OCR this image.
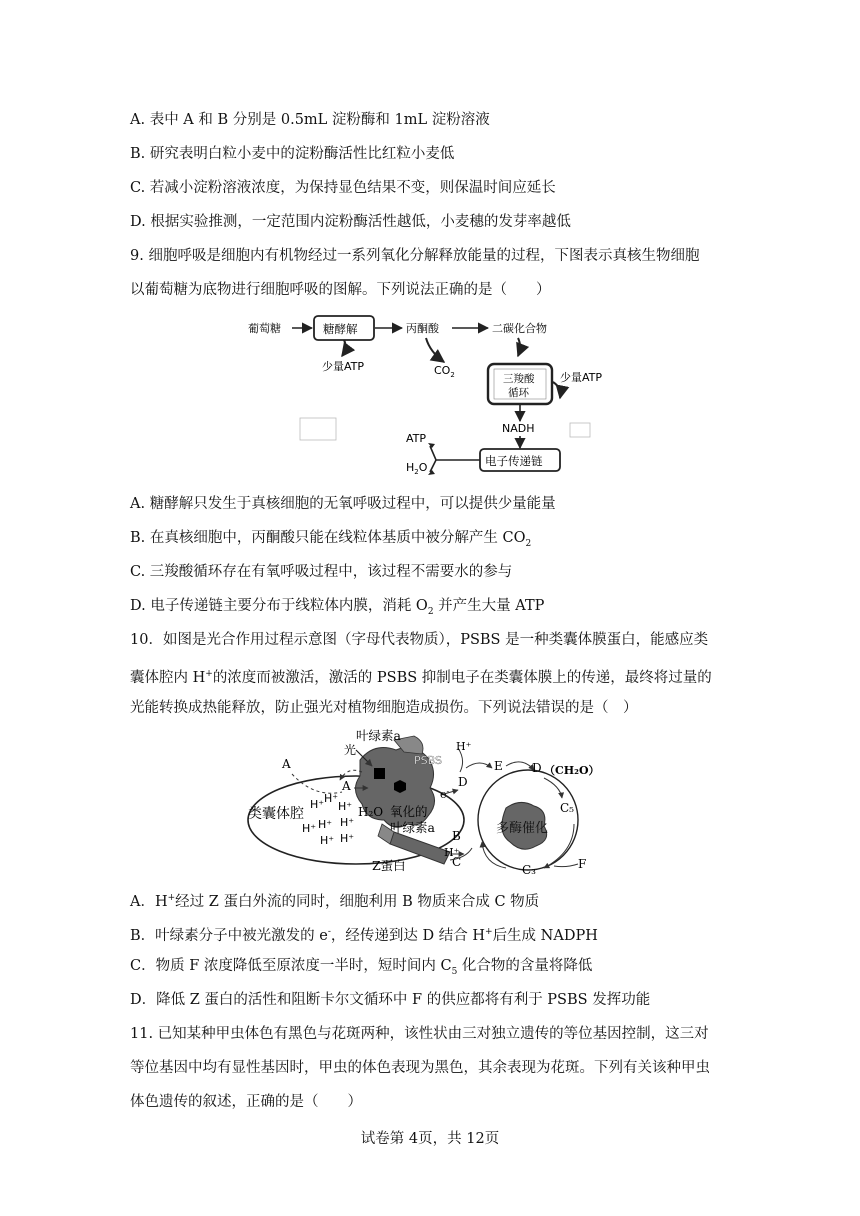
A. 表中 A 和 B 分别是 0.5mL 淀粉酶和 1mL 淀粉溶液
B. 研究表明白粒小麦中的淀粉酶活性比红粒小麦低
C. 若减小淀粉溶液浓度，为保持显色结果不变，则保温时间应延长
D. 根据实验推测，一定范围内淀粉酶活性越低，小麦穗的发芽率越低
9. 细胞呼吸是细胞内有机物经过一系列氧化分解释放能量的过程，下图表示真核生物细胞
以葡萄糖为底物进行细胞呼吸的图解。下列说法正确的是（　　）
葡萄糖	糖酵解	丙酮酸	二碳化合物
少量ATP	$CO_2$	三羧酸
循环
少量ATP
NADH
电子传递链
ATP
$H_2O$
A. 糖酵解只发生于真核细胞的无氧呼吸过程中，可以提供少量能量
B. 在真核细胞中，丙酮酸只能在线粒体基质中被分解产生 $CO_2$
C. 三羧酸循环存在有氧呼吸过程中，该过程不需要水的参与
D. 电子传递链主要分布于线粒体内膜，消耗 $O_2$ 并产生大量 ATP
10．如图是光合作用过程示意图（字母代表物质），PSBS 是一种类囊体膜蛋白，能感应类
囊体腔内 H+的浓度而被激活，激活的 PSBS 抑制电子在类囊体膜上的传递，最终将过量的
光能转换成热能释放，防止强光对植物细胞造成损伤。下列说法错误的是（　）
光
叶绿素a
PSBS
A
A
类囊体腔
H⁺ H⁺
H⁺
H⁺ H⁺ H⁺
H⁺
H⁺
H₂O 氧化的
叶绿素a
e-
D
H⁺
E D （CH₂O）
C₅
多酶催化
Z蛋白
B
C
H⁺
C₃	F
A．H+经过 Z 蛋白外流的同时，细胞利用 B 物质来合成 C 物质
B．叶绿素分子中被光激发的 e-，经传递到达 D 结合 H+后生成 NADPH
C．物质 F 浓度降低至原浓度一半时，短时间内 $C_5$ 化合物的含量将降低
D．降低 Z 蛋白的活性和阻断卡尔文循环中 F 的供应都将有利于 PSBS 发挥功能
11. 已知某种甲虫体色有黑色与花斑两种，该性状由三对独立遗传的等位基因控制，这三对
等位基因中均有显性基因时，甲虫的体色表现为黑色，其余表现为花斑。下列有关该种甲虫
体色遗传的叙述，正确的是（　　）
试卷第 4页，共 12页
